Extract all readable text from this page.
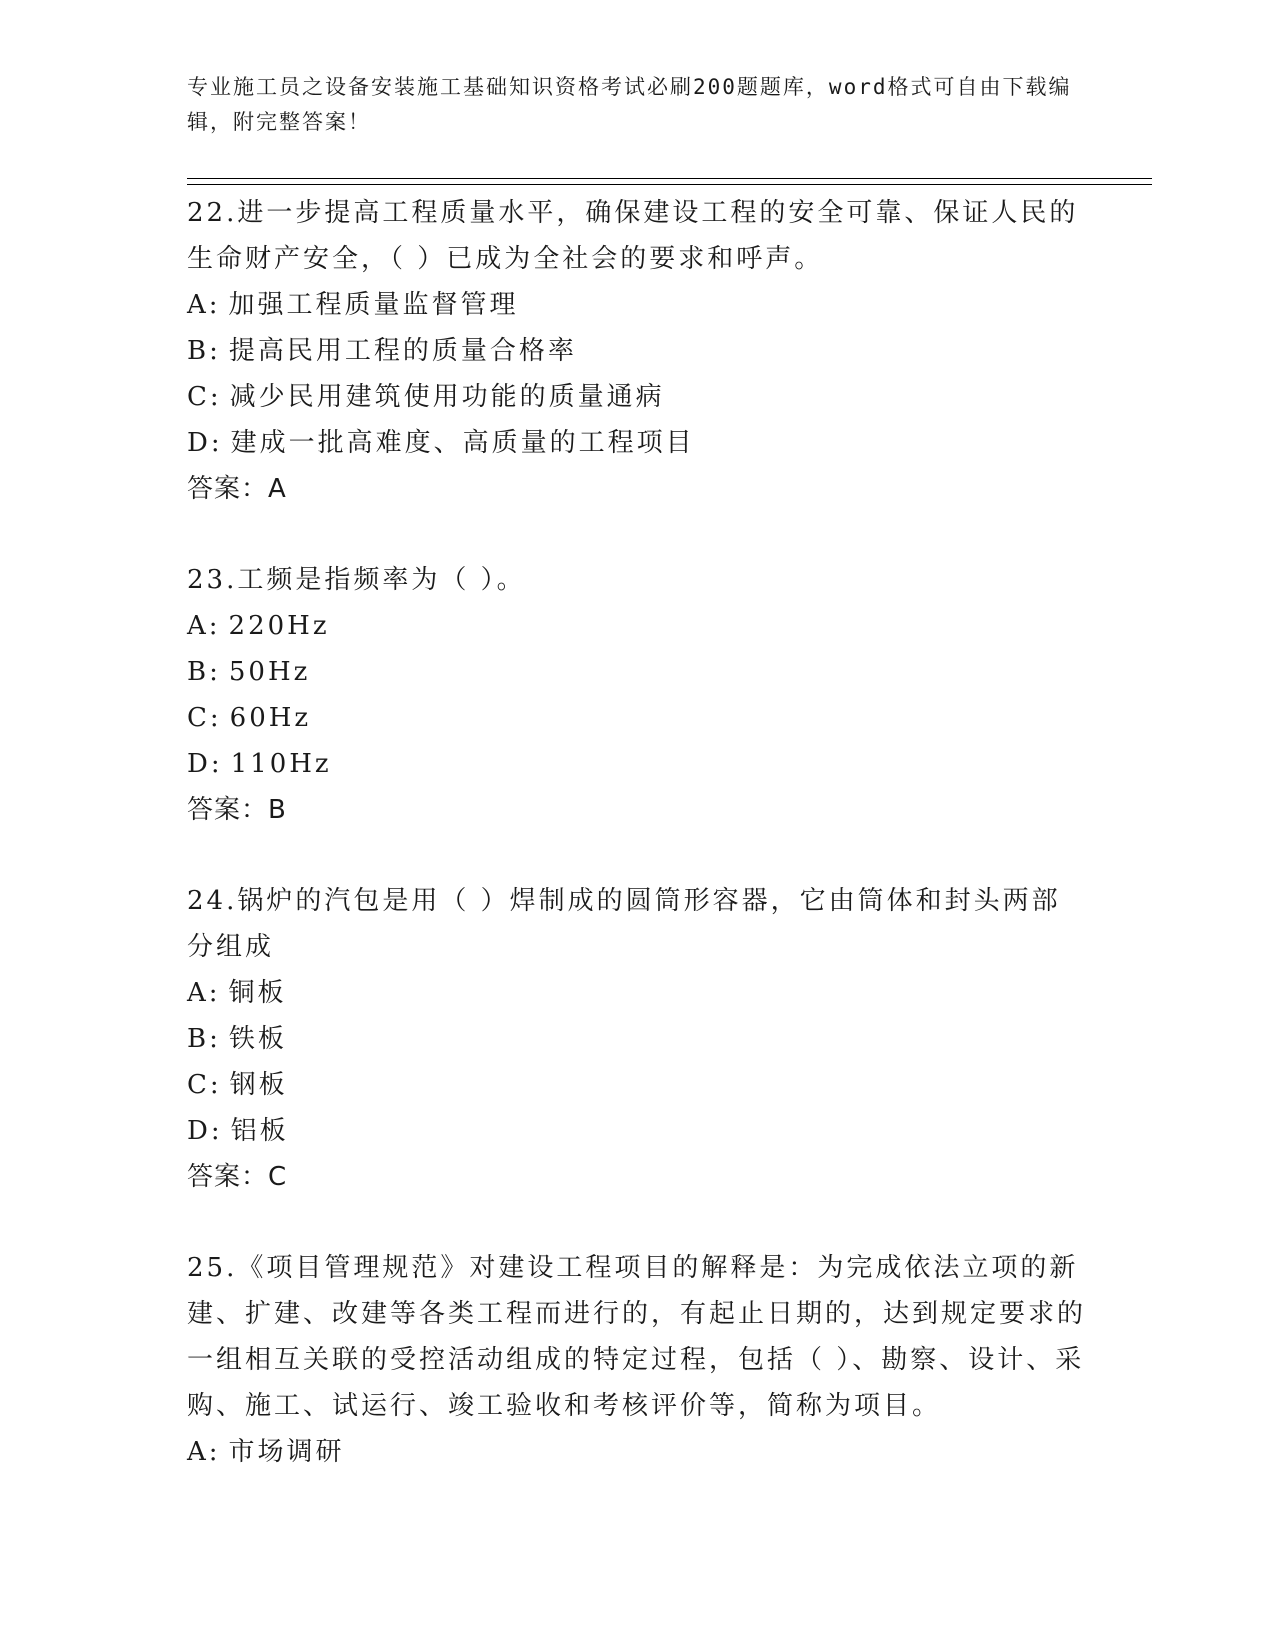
专业施工员之设备安装施工基础知识资格考试必刷200题题库，word格式可自由下载编辑，附完整答案！

22.进一步提高工程质量水平，确保建设工程的安全可靠、保证人民的生命财产安全，（ ）已成为全社会的要求和呼声。

A: 加强工程质量监督管理

B: 提高民用工程的质量合格率

C: 减少民用建筑使用功能的质量通病

D: 建成一批高难度、高质量的工程项目

答案：A

23.工频是指频率为（ ）。

A: 220Hz

B: 50Hz

C: 60Hz

D: 110Hz

答案：B

24.锅炉的汽包是用（ ）焊制成的圆筒形容器，它由筒体和封头两部分组成

A: 铜板

B: 铁板

C: 钢板

D: 铝板

答案：C

25.《项目管理规范》对建设工程项目的解释是：为完成依法立项的新建、扩建、改建等各类工程而进行的，有起止日期的，达到规定要求的一组相互关联的受控活动组成的特定过程，包括（ ）、勘察、设计、采购、施工、试运行、竣工验收和考核评价等，简称为项目。

A: 市场调研
